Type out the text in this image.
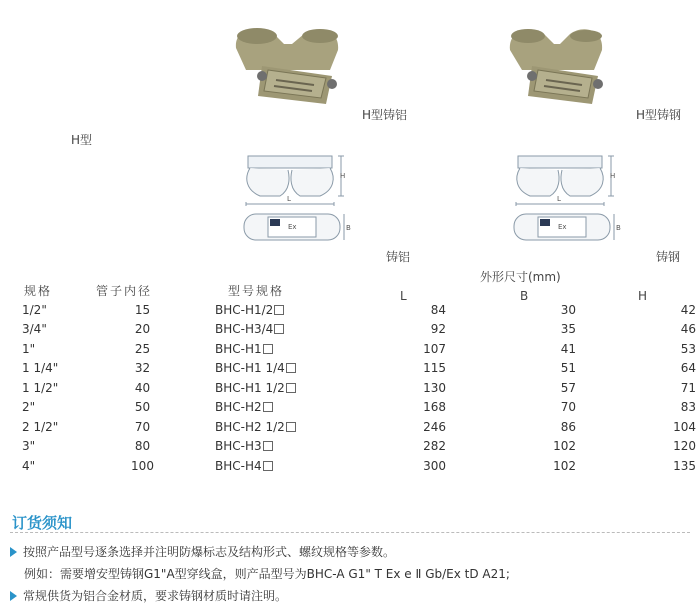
H型铸铝	H型铸钢
H型
H
L
B
Ex
铸铝
H
L
B
Ex
铸钢
规格	管子内径	型号规格
外形尺寸(mm)
L	B	H
1/2"	15	BHC-H1/2	84	30	42
3/4"	20	BHC-H3/4	92	35	46
1"	25	BHC-H1	107	41	53
1 1/4"	32	BHC-H1 1/4	115	51	64
1 1/2"	40	BHC-H1 1/2	130	57	71
2"	50	BHC-H2	168	70	83
2 1/2"	70	BHC-H2 1/2	246	86	104
3"	80	BHC-H3	282	102	120
4"	100	BHC-H4	300	102	135
订货须知
按照产品型号逐条选择并注明防爆标志及结构形式、螺纹规格等参数。
例如：需要增安型铸钢G1"A型穿线盒，则产品型号为BHC-A G1" T Ex e Ⅱ Gb/Ex tD A21;
常规供货为铝合金材质，要求铸钢材质时请注明。
